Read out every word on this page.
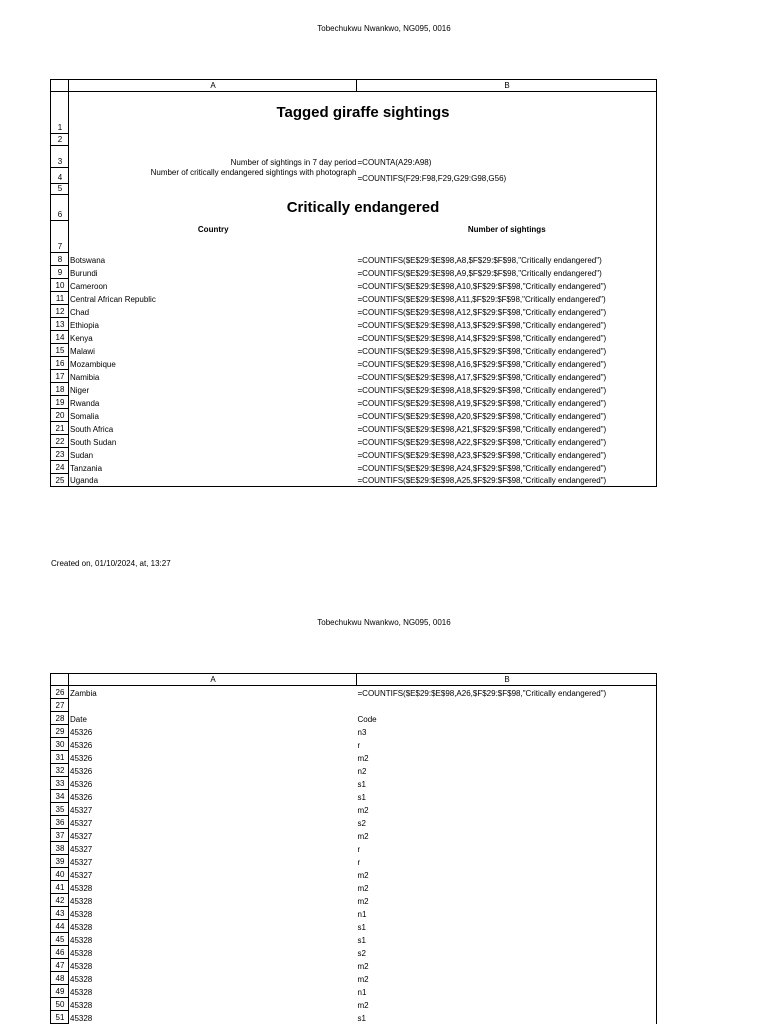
Tobechukwu Nwankwo, NG095, 0016
	A	B
1	Tagged giraffe sightings	

2		
3	Number of sightings in 7 day period	=COUNTA(A29:A98)
4	Number of critically endangered sightings with photograph	=COUNTIFS(F29:F98,F29,G29:G98,G56)
5		
6	Critically endangered	

7	Country	Number of sightings
8	Botswana	=COUNTIFS($E$29:$E$98,A8,$F$29:$F$98,"Critically endangered")
9	Burundi	=COUNTIFS($E$29:$E$98,A9,$F$29:$F$98,"Critically endangered")
10	Cameroon	=COUNTIFS($E$29:$E$98,A10,$F$29:$F$98,"Critically endangered")
11	Central African Republic	=COUNTIFS($E$29:$E$98,A11,$F$29:$F$98,"Critically endangered")
12	Chad	=COUNTIFS($E$29:$E$98,A12,$F$29:$F$98,"Critically endangered")
13	Ethiopia	=COUNTIFS($E$29:$E$98,A13,$F$29:$F$98,"Critically endangered")
14	Kenya	=COUNTIFS($E$29:$E$98,A14,$F$29:$F$98,"Critically endangered")
15	Malawi	=COUNTIFS($E$29:$E$98,A15,$F$29:$F$98,"Critically endangered")
16	Mozambique	=COUNTIFS($E$29:$E$98,A16,$F$29:$F$98,"Critically endangered")
17	Namibia	=COUNTIFS($E$29:$E$98,A17,$F$29:$F$98,"Critically endangered")
18	Niger	=COUNTIFS($E$29:$E$98,A18,$F$29:$F$98,"Critically endangered")
19	Rwanda	=COUNTIFS($E$29:$E$98,A19,$F$29:$F$98,"Critically endangered")
20	Somalia	=COUNTIFS($E$29:$E$98,A20,$F$29:$F$98,"Critically endangered")
21	South Africa	=COUNTIFS($E$29:$E$98,A21,$F$29:$F$98,"Critically endangered")
22	South Sudan	=COUNTIFS($E$29:$E$98,A22,$F$29:$F$98,"Critically endangered")
23	Sudan	=COUNTIFS($E$29:$E$98,A23,$F$29:$F$98,"Critically endangered")
24	Tanzania	=COUNTIFS($E$29:$E$98,A24,$F$29:$F$98,"Critically endangered")
25	Uganda	=COUNTIFS($E$29:$E$98,A25,$F$29:$F$98,"Critically endangered")
Created on, 01/10/2024, at, 13:27
Tobechukwu Nwankwo, NG095, 0016
	A	B
26	Zambia	=COUNTIFS($E$29:$E$98,A26,$F$29:$F$98,"Critically endangered")
27		
28	Date	Code
29	45326	n3
30	45326	r
31	45326	m2
32	45326	n2
33	45326	s1
34	45326	s1
35	45327	m2
36	45327	s2
37	45327	m2
38	45327	r
39	45327	r
40	45327	m2
41	45328	m2
42	45328	m2
43	45328	n1
44	45328	s1
45	45328	s1
46	45328	s2
47	45328	m2
48	45328	m2
49	45328	n1
50	45328	m2
51	45328	s1
